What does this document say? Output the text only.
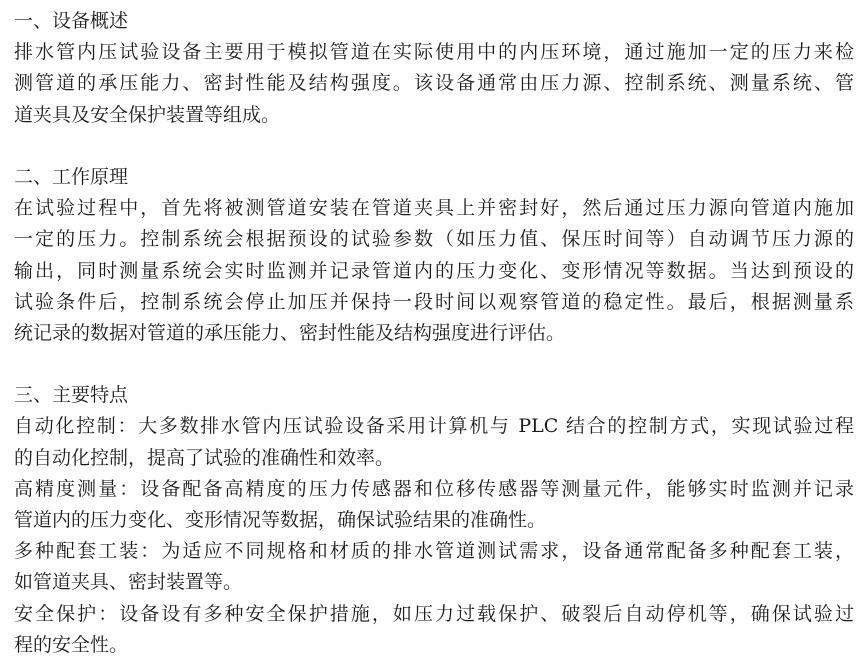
一、设备概述
排水管内压试验设备主要用于模拟管道在实际使用中的内压环境，通过施加一定的压力来检
测管道的承压能力、密封性能及结构强度。该设备通常由压力源、控制系统、测量系统、管
道夹具及安全保护装置等组成。
二、工作原理
在试验过程中，首先将被测管道安装在管道夹具上并密封好，然后通过压力源向管道内施加
一定的压力。控制系统会根据预设的试验参数（如压力值、保压时间等）自动调节压力源的
输出，同时测量系统会实时监测并记录管道内的压力变化、变形情况等数据。当达到预设的
试验条件后，控制系统会停止加压并保持一段时间以观察管道的稳定性。最后，根据测量系
统记录的数据对管道的承压能力、密封性能及结构强度进行评估。
三、主要特点
自动化控制：大多数排水管内压试验设备采用计算机与 PLC 结合的控制方式，实现试验过程
的自动化控制，提高了试验的准确性和效率。
高精度测量：设备配备高精度的压力传感器和位移传感器等测量元件，能够实时监测并记录
管道内的压力变化、变形情况等数据，确保试验结果的准确性。
多种配套工装：为适应不同规格和材质的排水管道测试需求，设备通常配备多种配套工装，
如管道夹具、密封装置等。
安全保护：设备设有多种安全保护措施，如压力过载保护、破裂后自动停机等，确保试验过
程的安全性。
